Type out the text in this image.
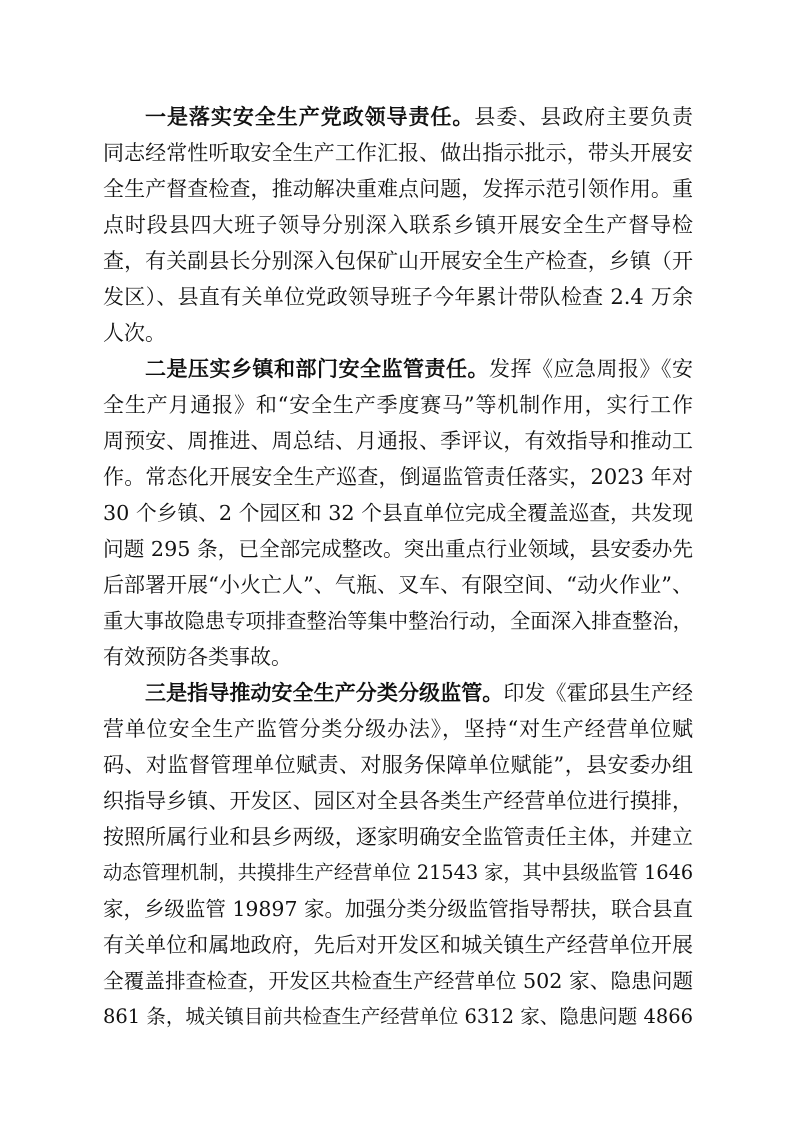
一是落实安全生产党政领导责任。县委、县政府主要负责
同志经常性听取安全生产工作汇报、做出指示批示，带头开展安
全生产督查检查，推动解决重难点问题，发挥示范引领作用。重
点时段县四大班子领导分别深入联系乡镇开展安全生产督导检
查，有关副县长分别深入包保矿山开展安全生产检查，乡镇（开
发区）、县直有关单位党政领导班子今年累计带队检查 2.4 万余
人次。
二是压实乡镇和部门安全监管责任。发挥《应急周报》《安
全生产月通报》和“安全生产季度赛马”等机制作用，实行工作
周预安、周推进、周总结、月通报、季评议，有效指导和推动工
作。常态化开展安全生产巡查，倒逼监管责任落实，2023 年对
30 个乡镇、2 个园区和 32 个县直单位完成全覆盖巡查，共发现
问题 295 条，已全部完成整改。突出重点行业领域，县安委办先
后部署开展“小火亡人”、气瓶、叉车、有限空间、“动火作业”、
重大事故隐患专项排查整治等集中整治行动，全面深入排查整治，
有效预防各类事故。
三是指导推动安全生产分类分级监管。印发《霍邱县生产经
营单位安全生产监管分类分级办法》，坚持“对生产经营单位赋
码、对监督管理单位赋责、对服务保障单位赋能”，县安委办组
织指导乡镇、开发区、园区对全县各类生产经营单位进行摸排，
按照所属行业和县乡两级，逐家明确安全监管责任主体，并建立
动态管理机制，共摸排生产经营单位 21543 家，其中县级监管 1646
家，乡级监管 19897 家。加强分类分级监管指导帮扶，联合县直
有关单位和属地政府，先后对开发区和城关镇生产经营单位开展
全覆盖排查检查，开发区共检查生产经营单位 502 家、隐患问题
861 条，城关镇目前共检查生产经营单位 6312 家、隐患问题 4866
